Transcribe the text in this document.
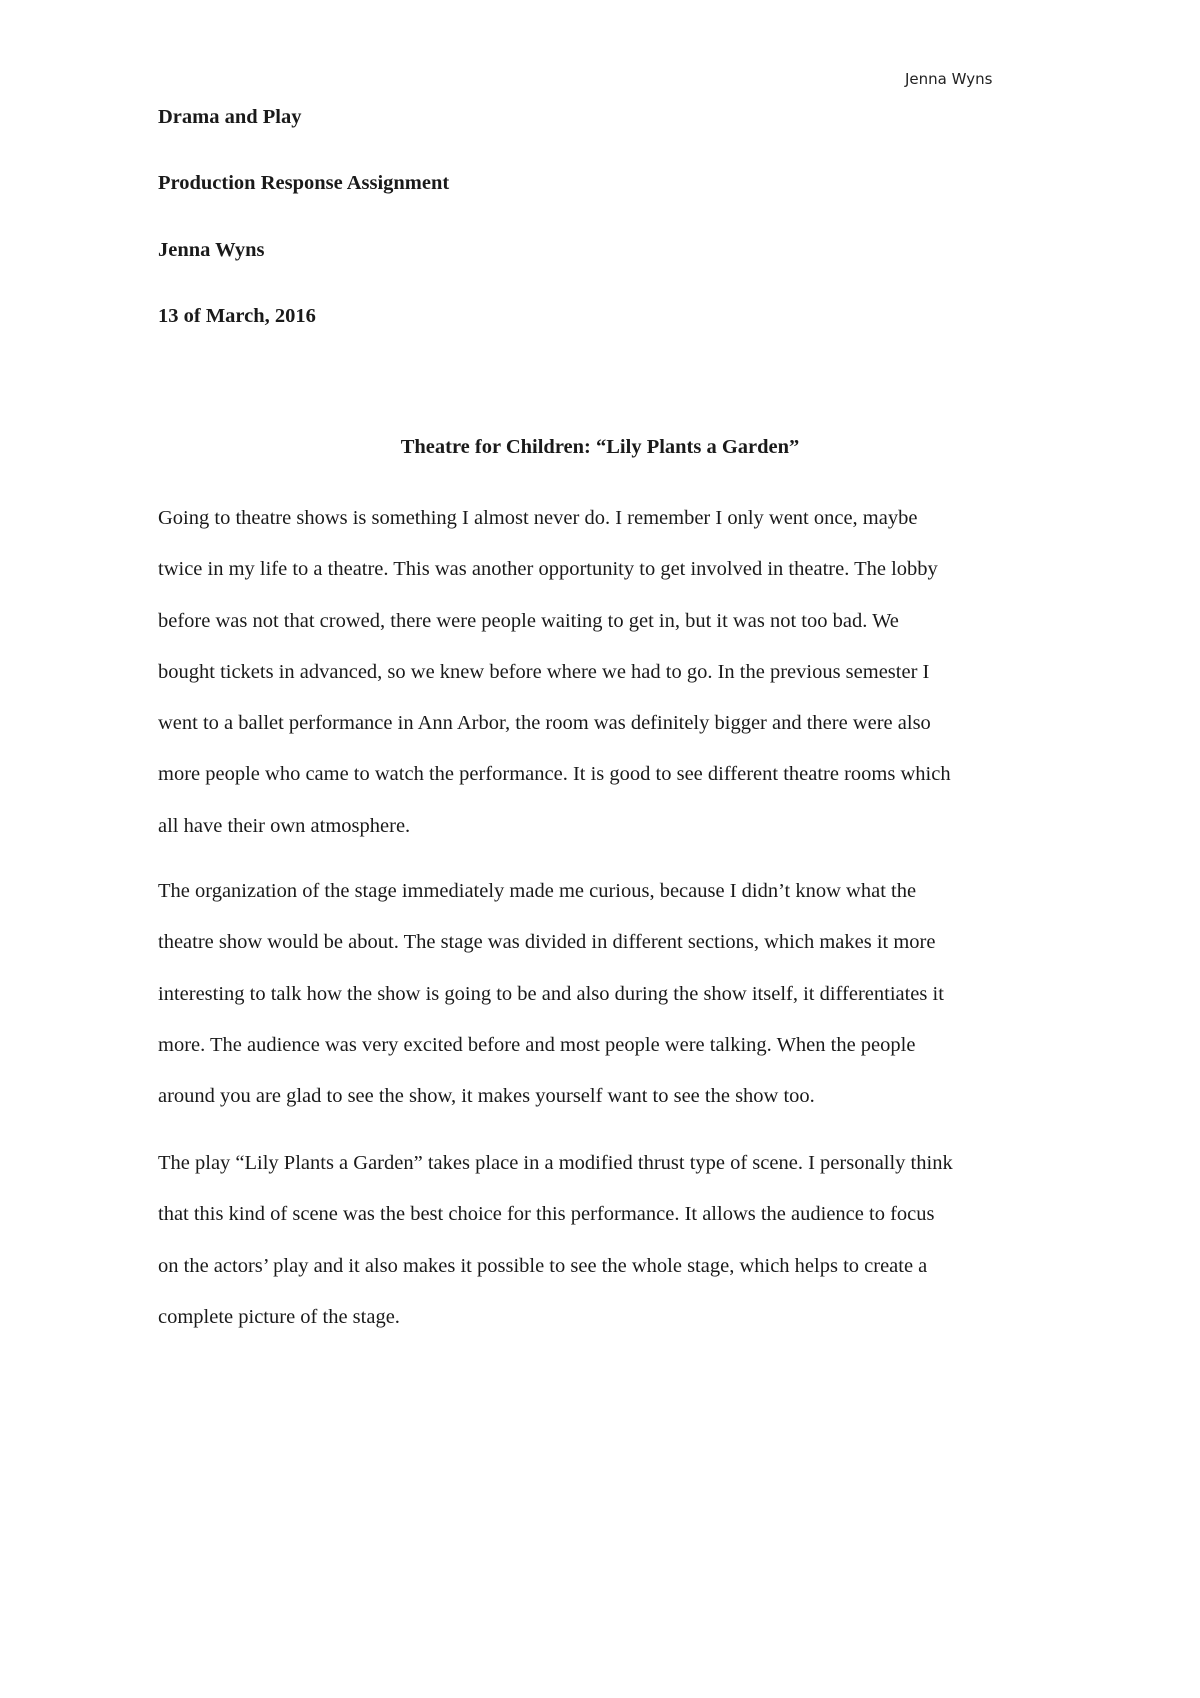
Jenna Wyns
Drama and Play
Production Response Assignment
Jenna Wyns
13 of March, 2016
Theatre for Children: “Lily Plants a Garden”
Going to theatre shows is something I almost never do. I remember I only went once, maybe
twice in my life to a theatre. This was another opportunity to get involved in theatre. The lobby
before was not that crowed, there were people waiting to get in, but it was not too bad. We
bought tickets in advanced, so we knew before where we had to go. In the previous semester I
went to a ballet performance in Ann Arbor, the room was definitely bigger and there were also
more people who came to watch the performance. It is good to see different theatre rooms which
all have their own atmosphere.
The organization of the stage immediately made me curious, because I didn’t know what the
theatre show would be about. The stage was divided in different sections, which makes it more
interesting to talk how the show is going to be and also during the show itself, it differentiates it
more. The audience was very excited before and most people were talking. When the people
around you are glad to see the show, it makes yourself want to see the show too.
The play “Lily Plants a Garden” takes place in a modified thrust type of scene. I personally think
that this kind of scene was the best choice for this performance. It allows the audience to focus
on the actors’ play and it also makes it possible to see the whole stage, which helps to create a
complete picture of the stage.
